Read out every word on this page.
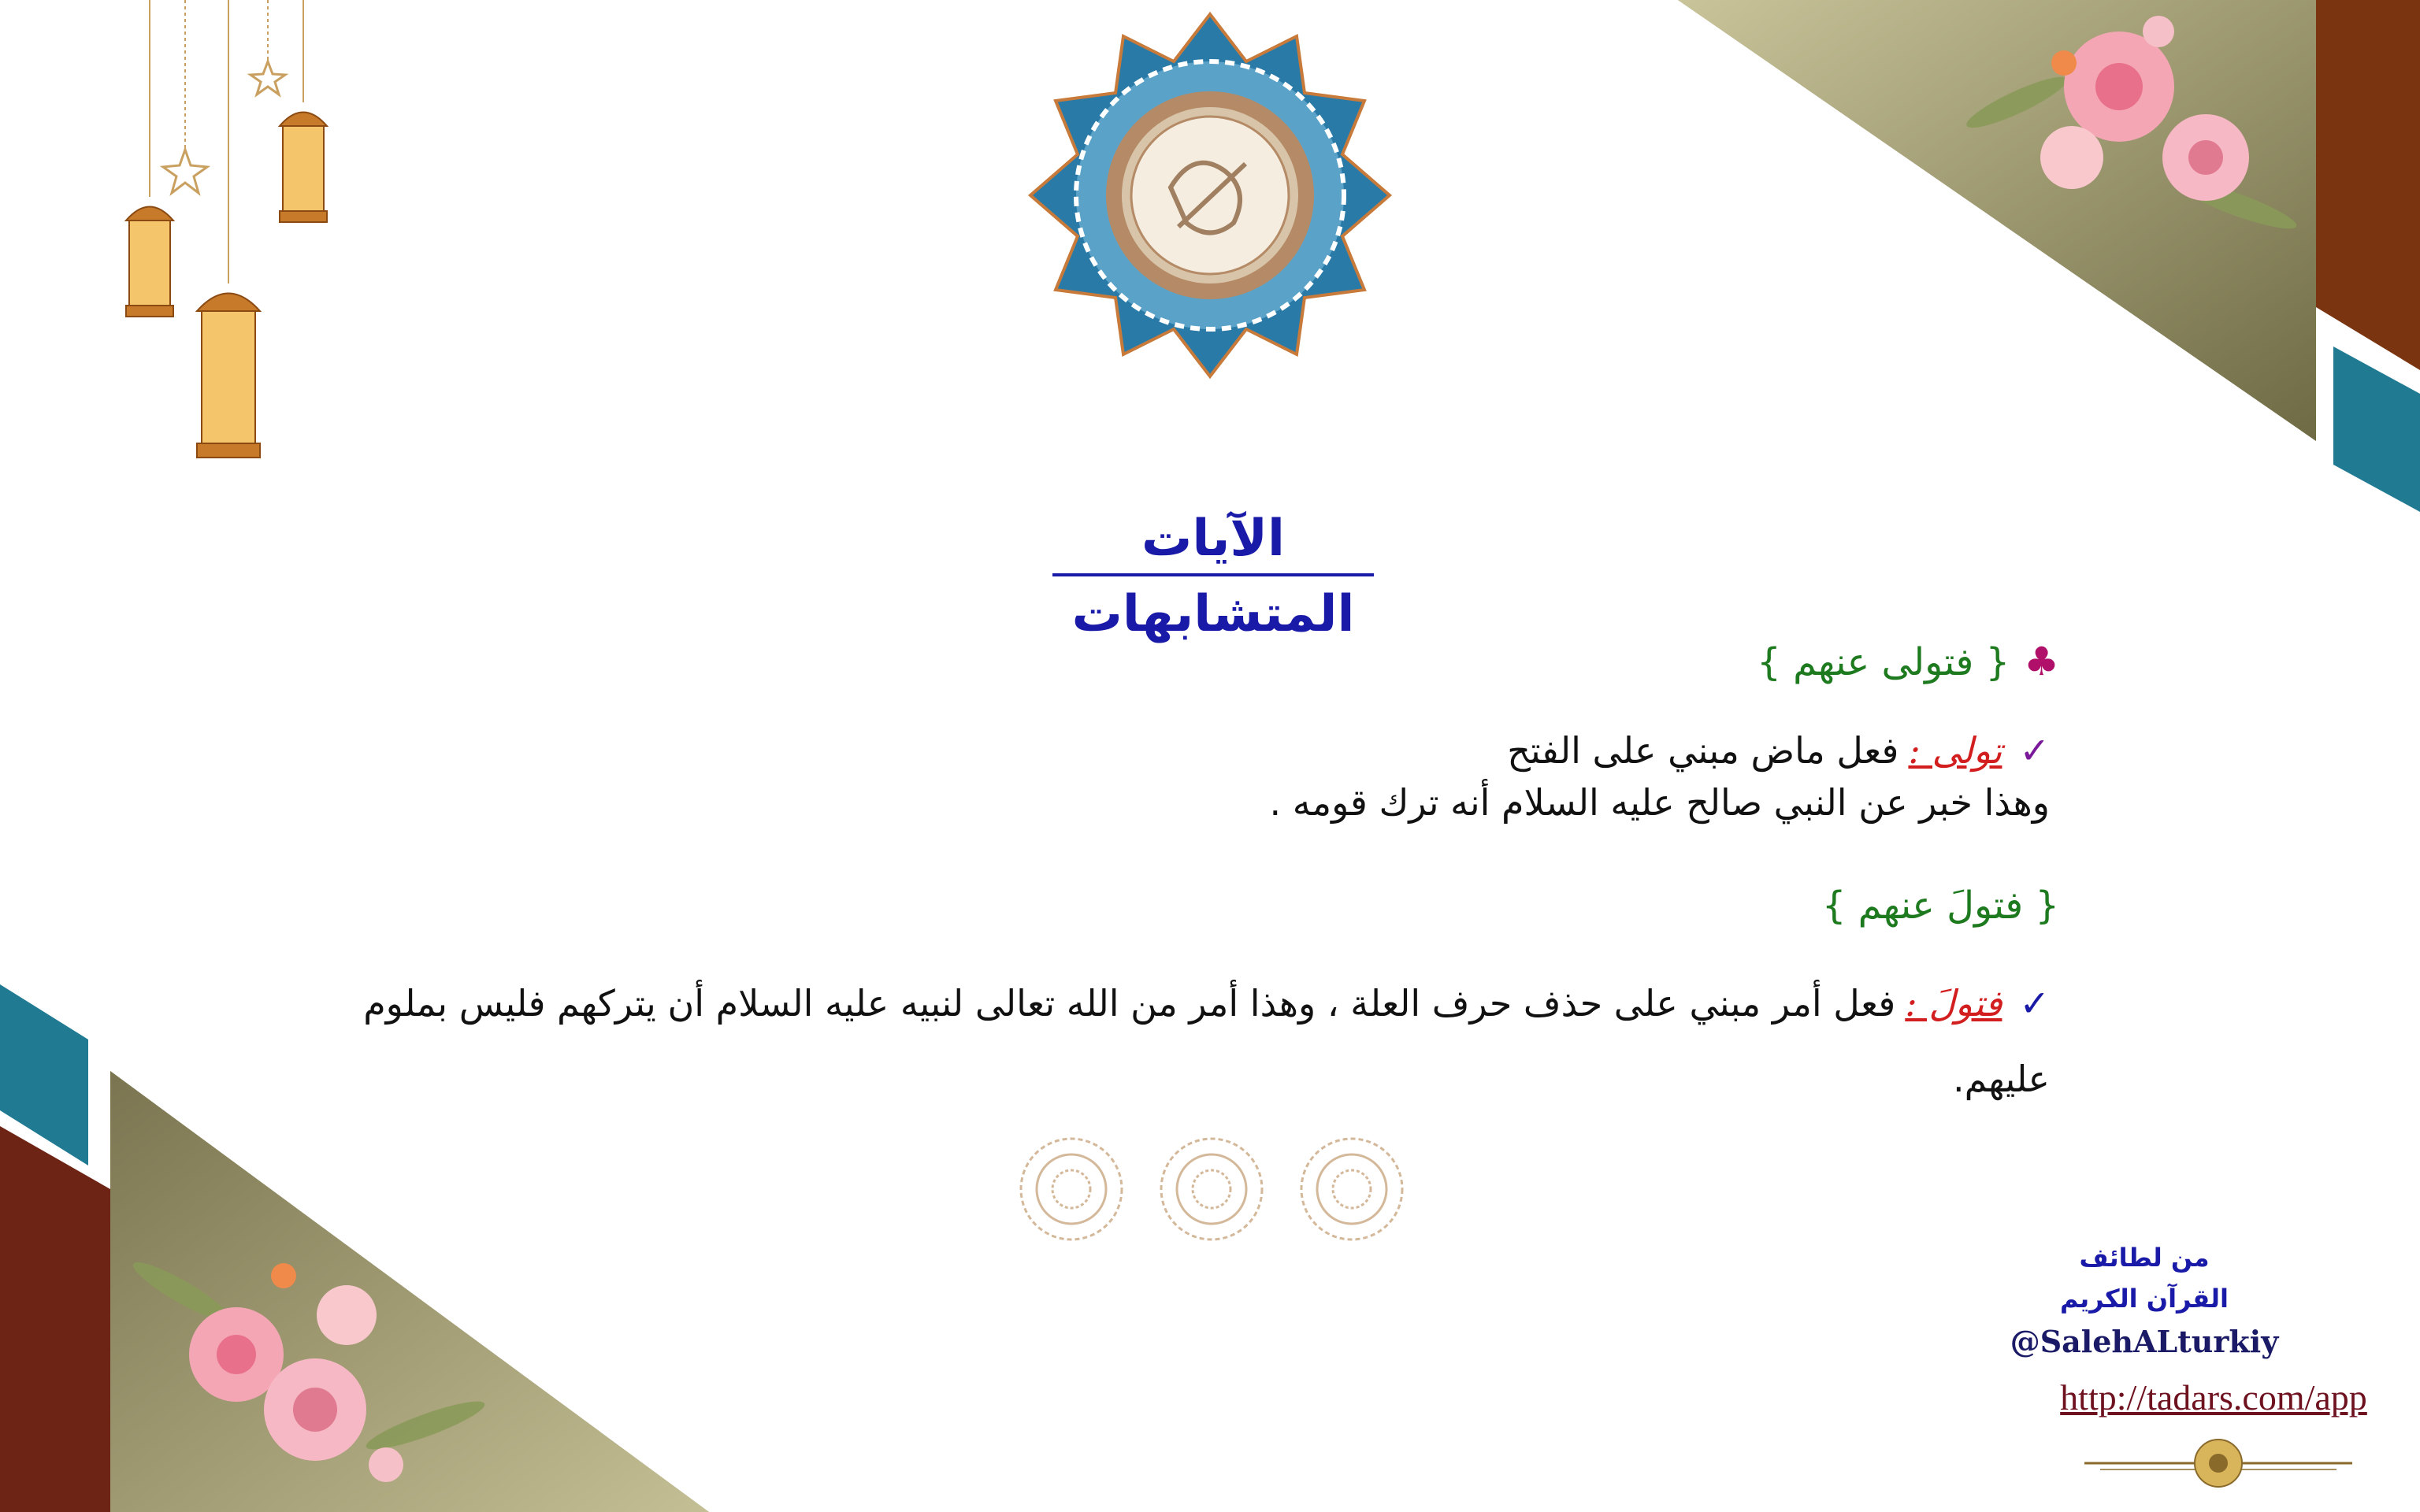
الآيات المتشابهات
♣{ فتولى عنهم }
✓تولى :فعل ماض مبني على الفتح
وهذا خبر عن النبي صالح عليه السلام أنه ترك قومه .
{ فتولَ عنهم }
✓فتولَ :فعل أمر مبني على حذف حرف العلة ، وهذا أمر من الله تعالى لنبيه عليه السلام أن يتركهم فليس بملوم عليهم.
من لطائف
القرآن الكريم
@SalehALturkiy
http://tadars.com/app
